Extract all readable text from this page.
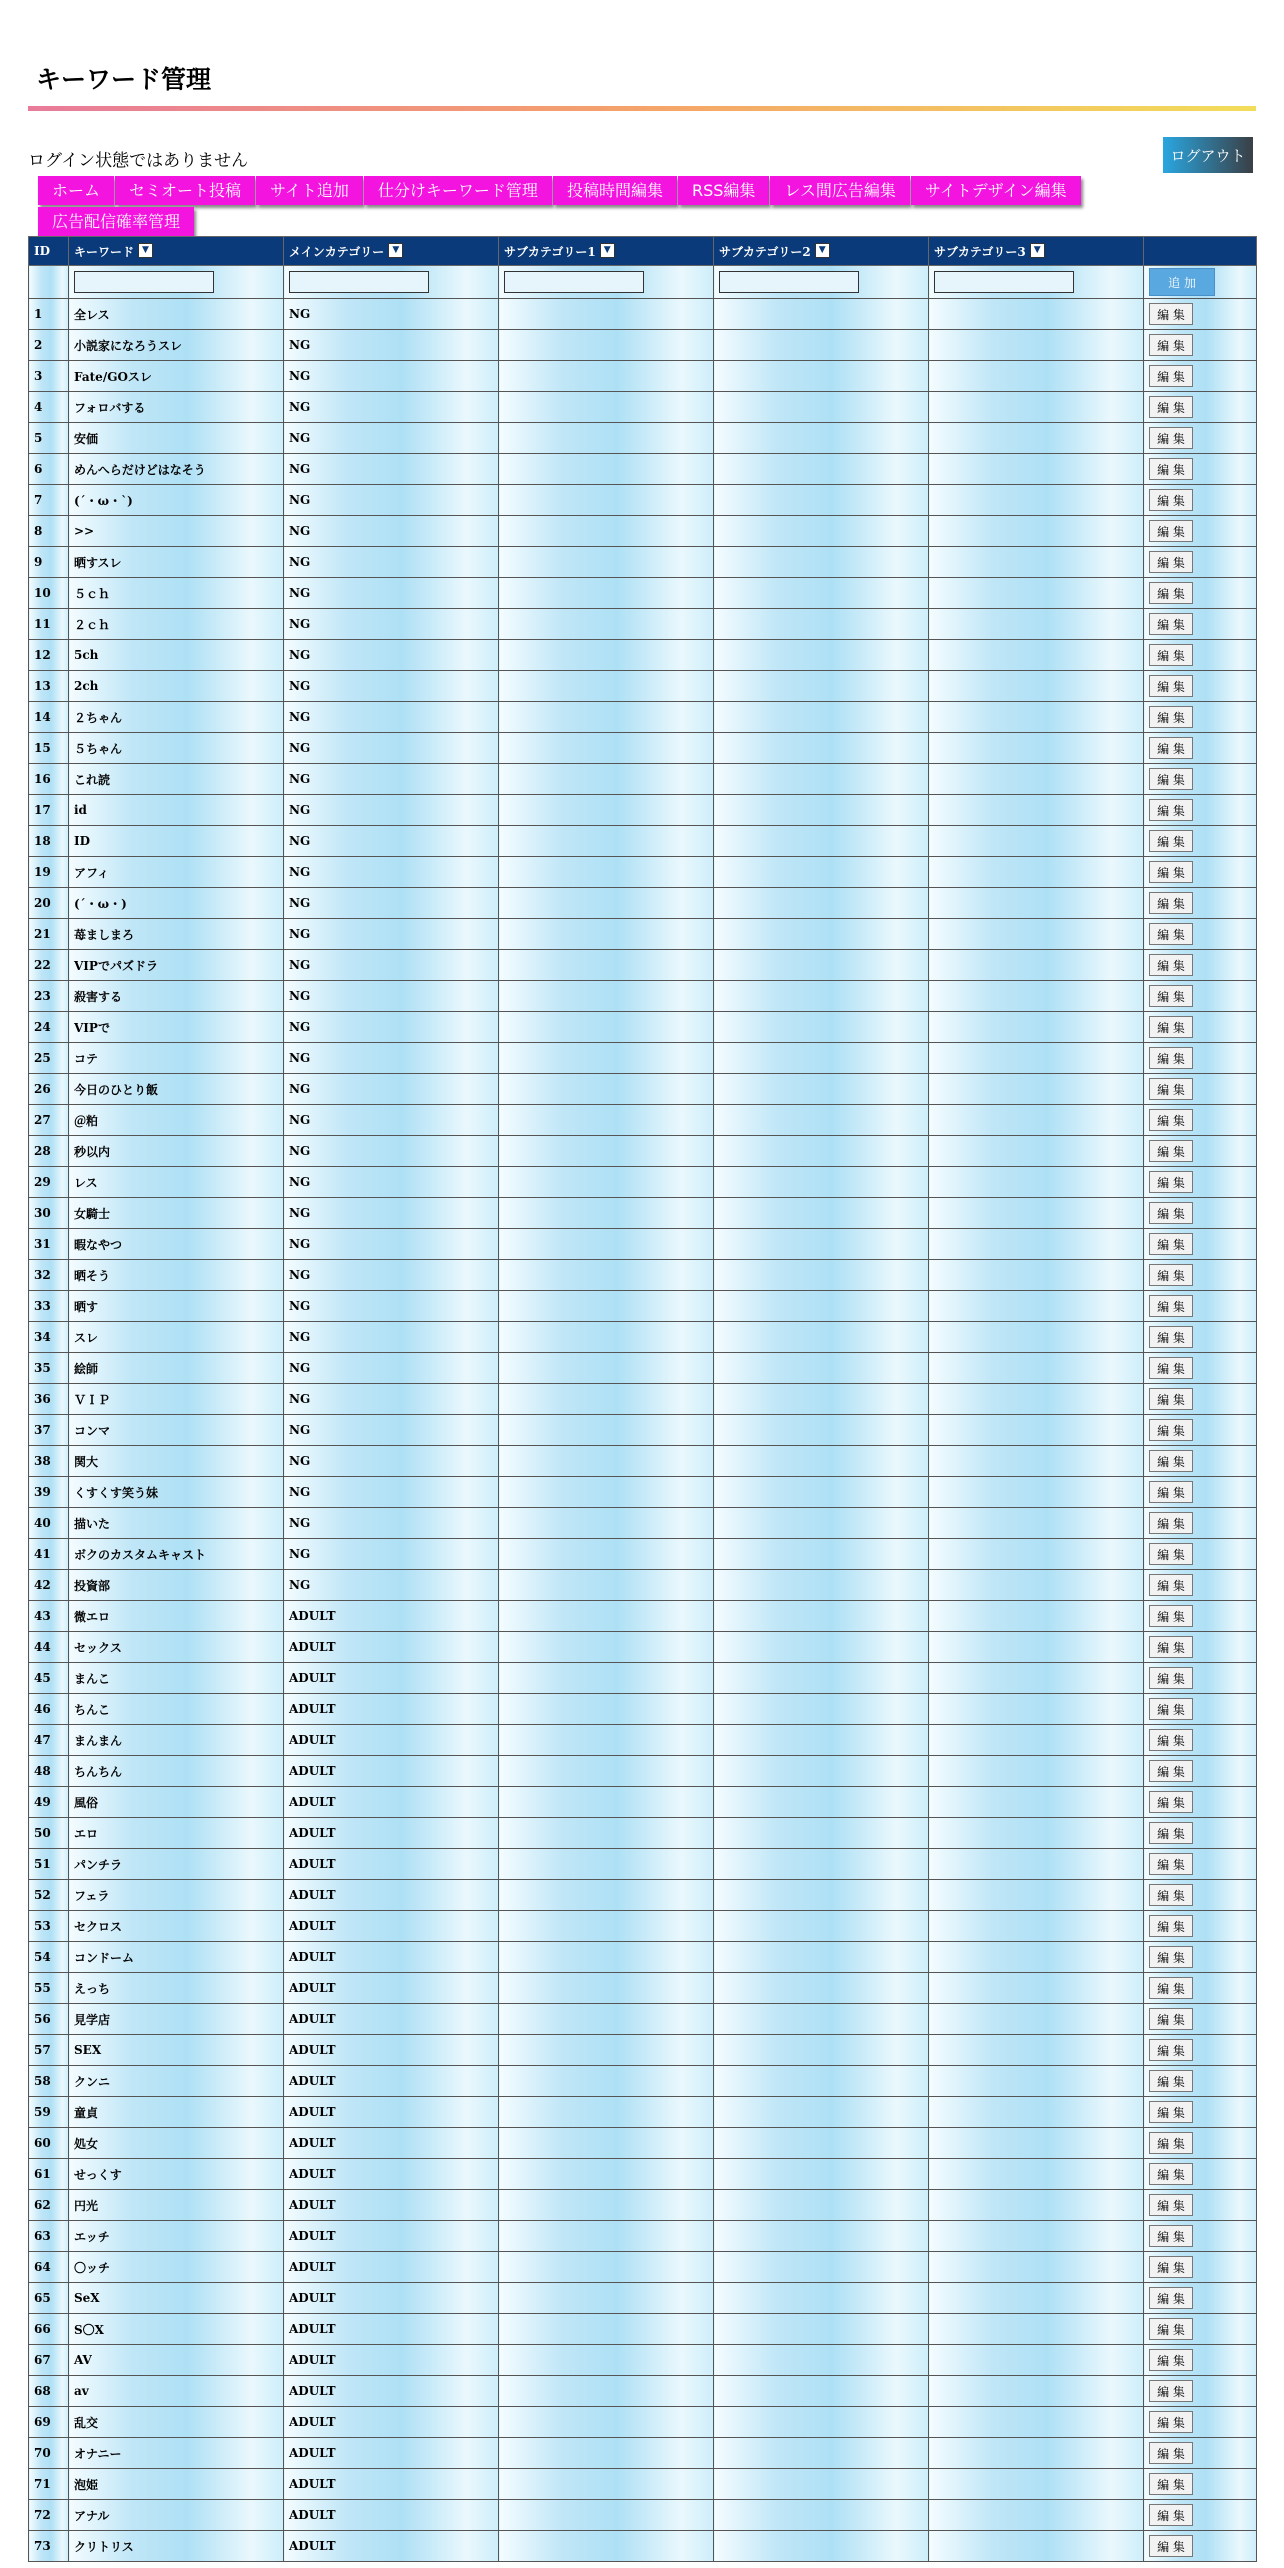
キーワード管理
ログイン状態ではありません	ログアウト
ホーム セミオート投稿 サイト追加 仕分けキーワード管理 投稿時間編集 RSS編集 レス間広告編集 サイトデザイン編集広告配信確率管理
ID	キーワード ▼	メインカテゴリー ▼	サブカテゴリー1 ▼	サブカテゴリー2 ▼	サブカテゴリー3 ▼	
						追 加
1	全レス	NG				編 集
2	小説家になろうスレ	NG				編 集
3	Fate/GOスレ	NG				編 集
4	フォロバする	NG				編 集
5	安価	NG				編 集
6	めんへらだけどはなそう	NG				編 集
7	(´・ω・`)	NG				編 集
8	>>	NG				編 集
9	晒すスレ	NG				編 集
10	５ｃｈ	NG				編 集
11	２ｃｈ	NG				編 集
12	5ch	NG				編 集
13	2ch	NG				編 集
14	２ちゃん	NG				編 集
15	５ちゃん	NG				編 集
16	これ読	NG				編 集
17	id	NG				編 集
18	ID	NG				編 集
19	アフィ	NG				編 集
20	(´・ω・)	NG				編 集
21	苺ましまろ	NG				編 集
22	VIPでパズドラ	NG				編 集
23	殺害する	NG				編 集
24	VIPで	NG				編 集
25	コテ	NG				編 集
26	今日のひとり飯	NG				編 集
27	＠粕	NG				編 集
28	秒以内	NG				編 集
29	レス	NG				編 集
30	女騎士	NG				編 集
31	暇なやつ	NG				編 集
32	晒そう	NG				編 集
33	晒す	NG				編 集
34	スレ	NG				編 集
35	絵師	NG				編 集
36	ＶＩＰ	NG				編 集
37	コンマ	NG				編 集
38	関大	NG				編 集
39	くすくす笑う妹	NG				編 集
40	描いた	NG				編 集
41	ボクのカスタムキャスト	NG				編 集
42	投資部	NG				編 集
43	微エロ	ADULT				編 集
44	セックス	ADULT				編 集
45	まんこ	ADULT				編 集
46	ちんこ	ADULT				編 集
47	まんまん	ADULT				編 集
48	ちんちん	ADULT				編 集
49	風俗	ADULT				編 集
50	エロ	ADULT				編 集
51	パンチラ	ADULT				編 集
52	フェラ	ADULT				編 集
53	セクロス	ADULT				編 集
54	コンドーム	ADULT				編 集
55	えっち	ADULT				編 集
56	見学店	ADULT				編 集
57	SEX	ADULT				編 集
58	クンニ	ADULT				編 集
59	童貞	ADULT				編 集
60	処女	ADULT				編 集
61	せっくす	ADULT				編 集
62	円光	ADULT				編 集
63	エッチ	ADULT				編 集
64	〇ッチ	ADULT				編 集
65	SeX	ADULT				編 集
66	S〇X	ADULT				編 集
67	AV	ADULT				編 集
68	av	ADULT				編 集
69	乱交	ADULT				編 集
70	オナニー	ADULT				編 集
71	泡姫	ADULT				編 集
72	アナル	ADULT				編 集
73	クリトリス	ADULT				編 集
